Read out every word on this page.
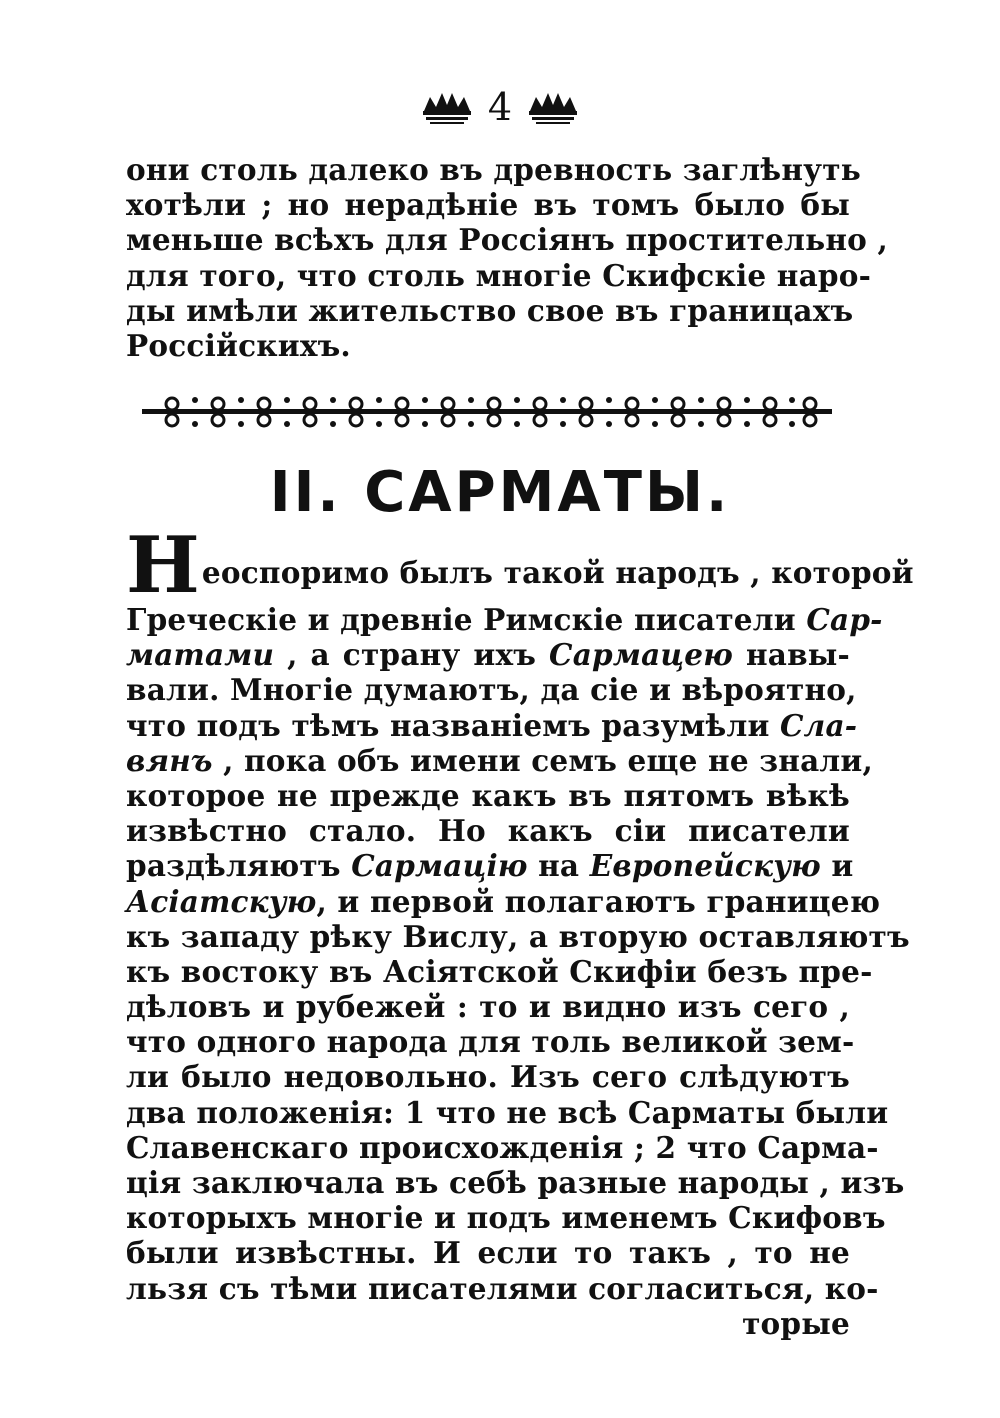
4
они столь далеко въ древность заглѣнуть
хотѣли ; но нерадѣніе въ томъ было бы
меньше всѣхъ для Россіянъ простительно ,
для того, что столь многіе Скифскіе наро-
ды имѣли жительство свое въ границахъ
Россійскихъ.
II. САРМАТЫ.
Неоспоримо былъ такой народъ , которой
Греческіе и древніе Римскіе писатели Сар-
матами , а страну ихъ Сармацею навы-
вали. Многіе думаютъ, да сіе и вѣроятно,
что подъ тѣмъ названіемъ разумѣли Сла-
вянъ , пока объ имени семъ еще не знали,
которое не прежде какъ въ пятомъ вѣкѣ
извѣстно стало. Но какъ сіи писатели
раздѣляютъ Сармацію на Европейскую и
Асіатскую, и первой полагаютъ границею
къ западу рѣку Вислу, а вторую оставляютъ
къ востоку въ Асіятской Скифіи безъ пре-
дѣловъ и рубежей : то и видно изъ сего ,
что одного народа для толь великой зем-
ли было недовольно. Изъ сего слѣдуютъ
два положенія: 1 что не всѣ Сарматы были
Славенскаго происхожденія ; 2 что Сарма-
ція заключала въ себѣ разные народы , изъ
которыхъ многіе и подъ именемъ Скифовъ
были извѣстны. И если то такъ , то не
льзя съ тѣми писателями согласиться, ко-
торые
